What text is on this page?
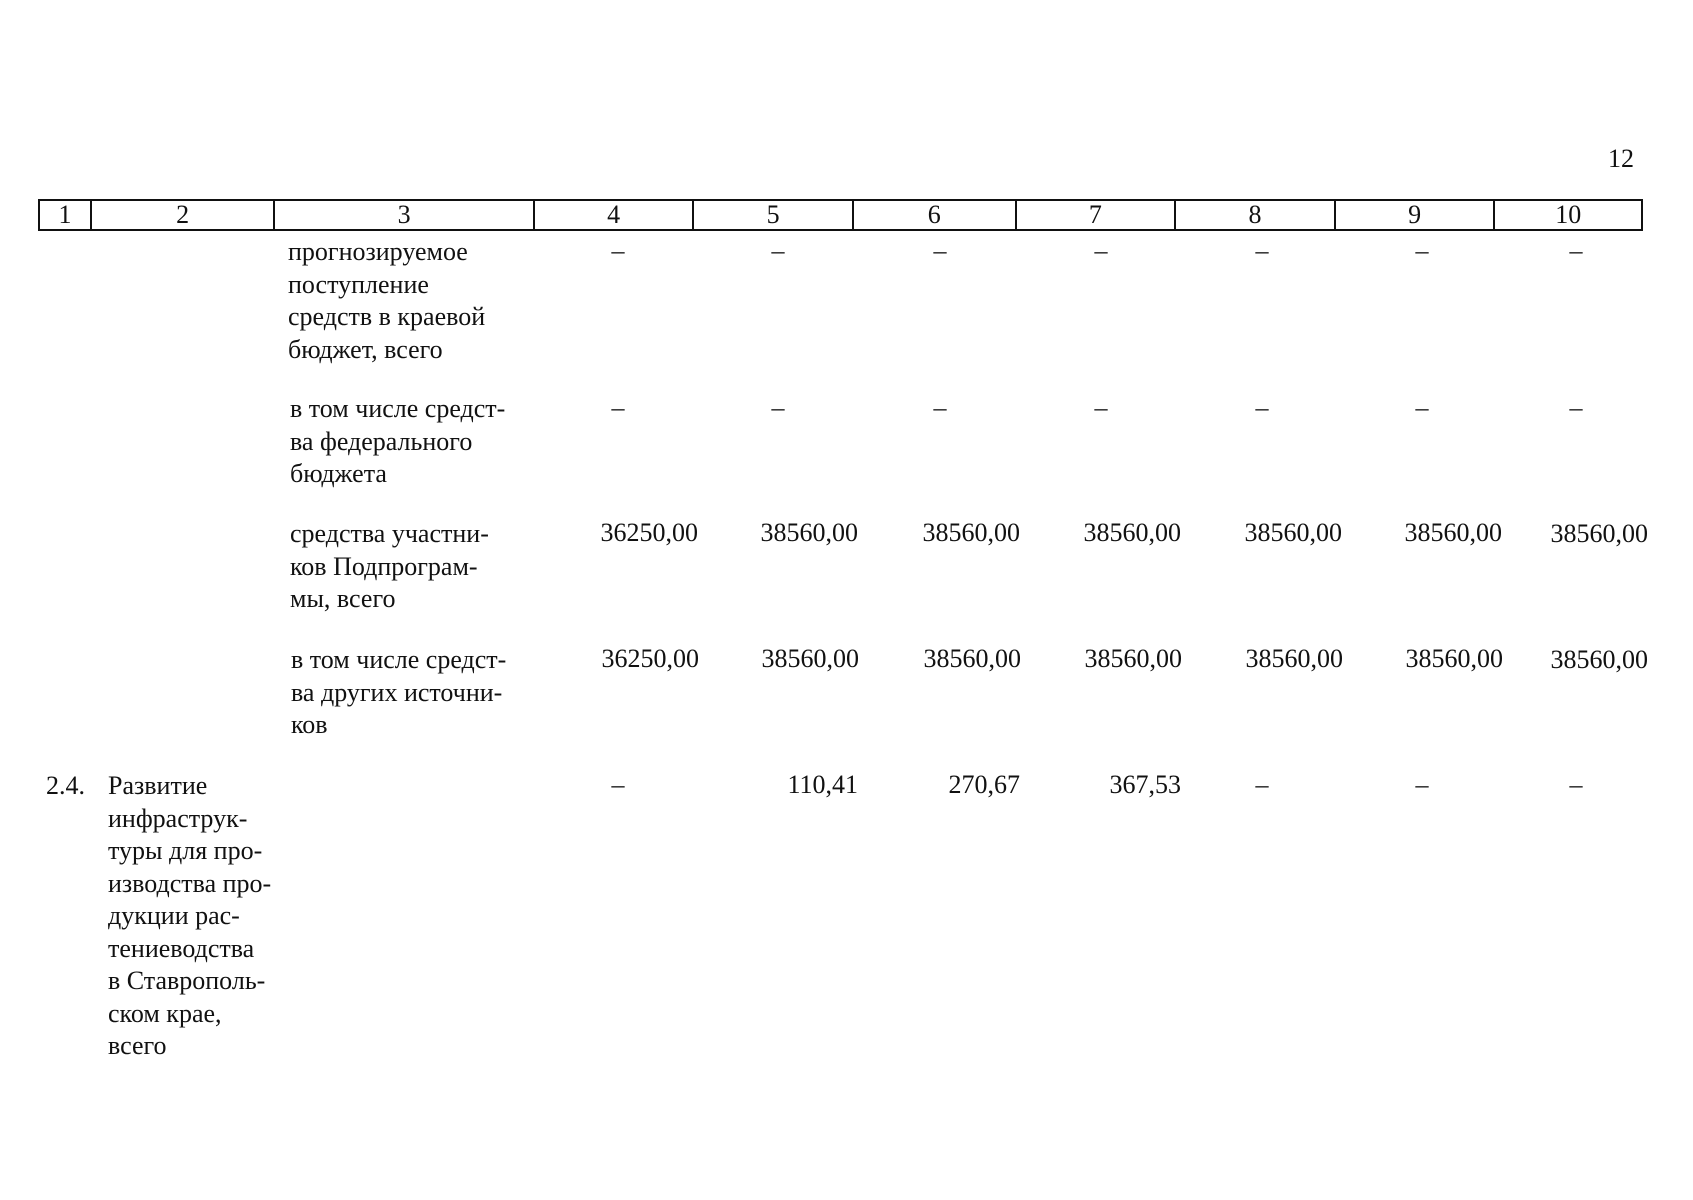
12
1	2	3	4	5	6	7	8	9	10
прогнозируемое
поступление
средств в краевой
бюджет, всего
–	–	–	–	–	–	–
в том числе средст-
ва федерального
бюджета
–	–	–	–	–	–	–
средства участни-
ков Подпрограм-
мы, всего
36250,00	38560,00	38560,00	38560,00	38560,00	38560,00	38560,00
в том числе средст-
ва других источни-
ков
36250,00	38560,00	38560,00	38560,00	38560,00	38560,00	38560,00
2.4. Развитие
инфраструк-
туры для про-
изводства про-
дукции рас-
тениеводства
в Ставрополь-
ском крае,
всего
–	110,41	270,67	367,53	–	–	–
